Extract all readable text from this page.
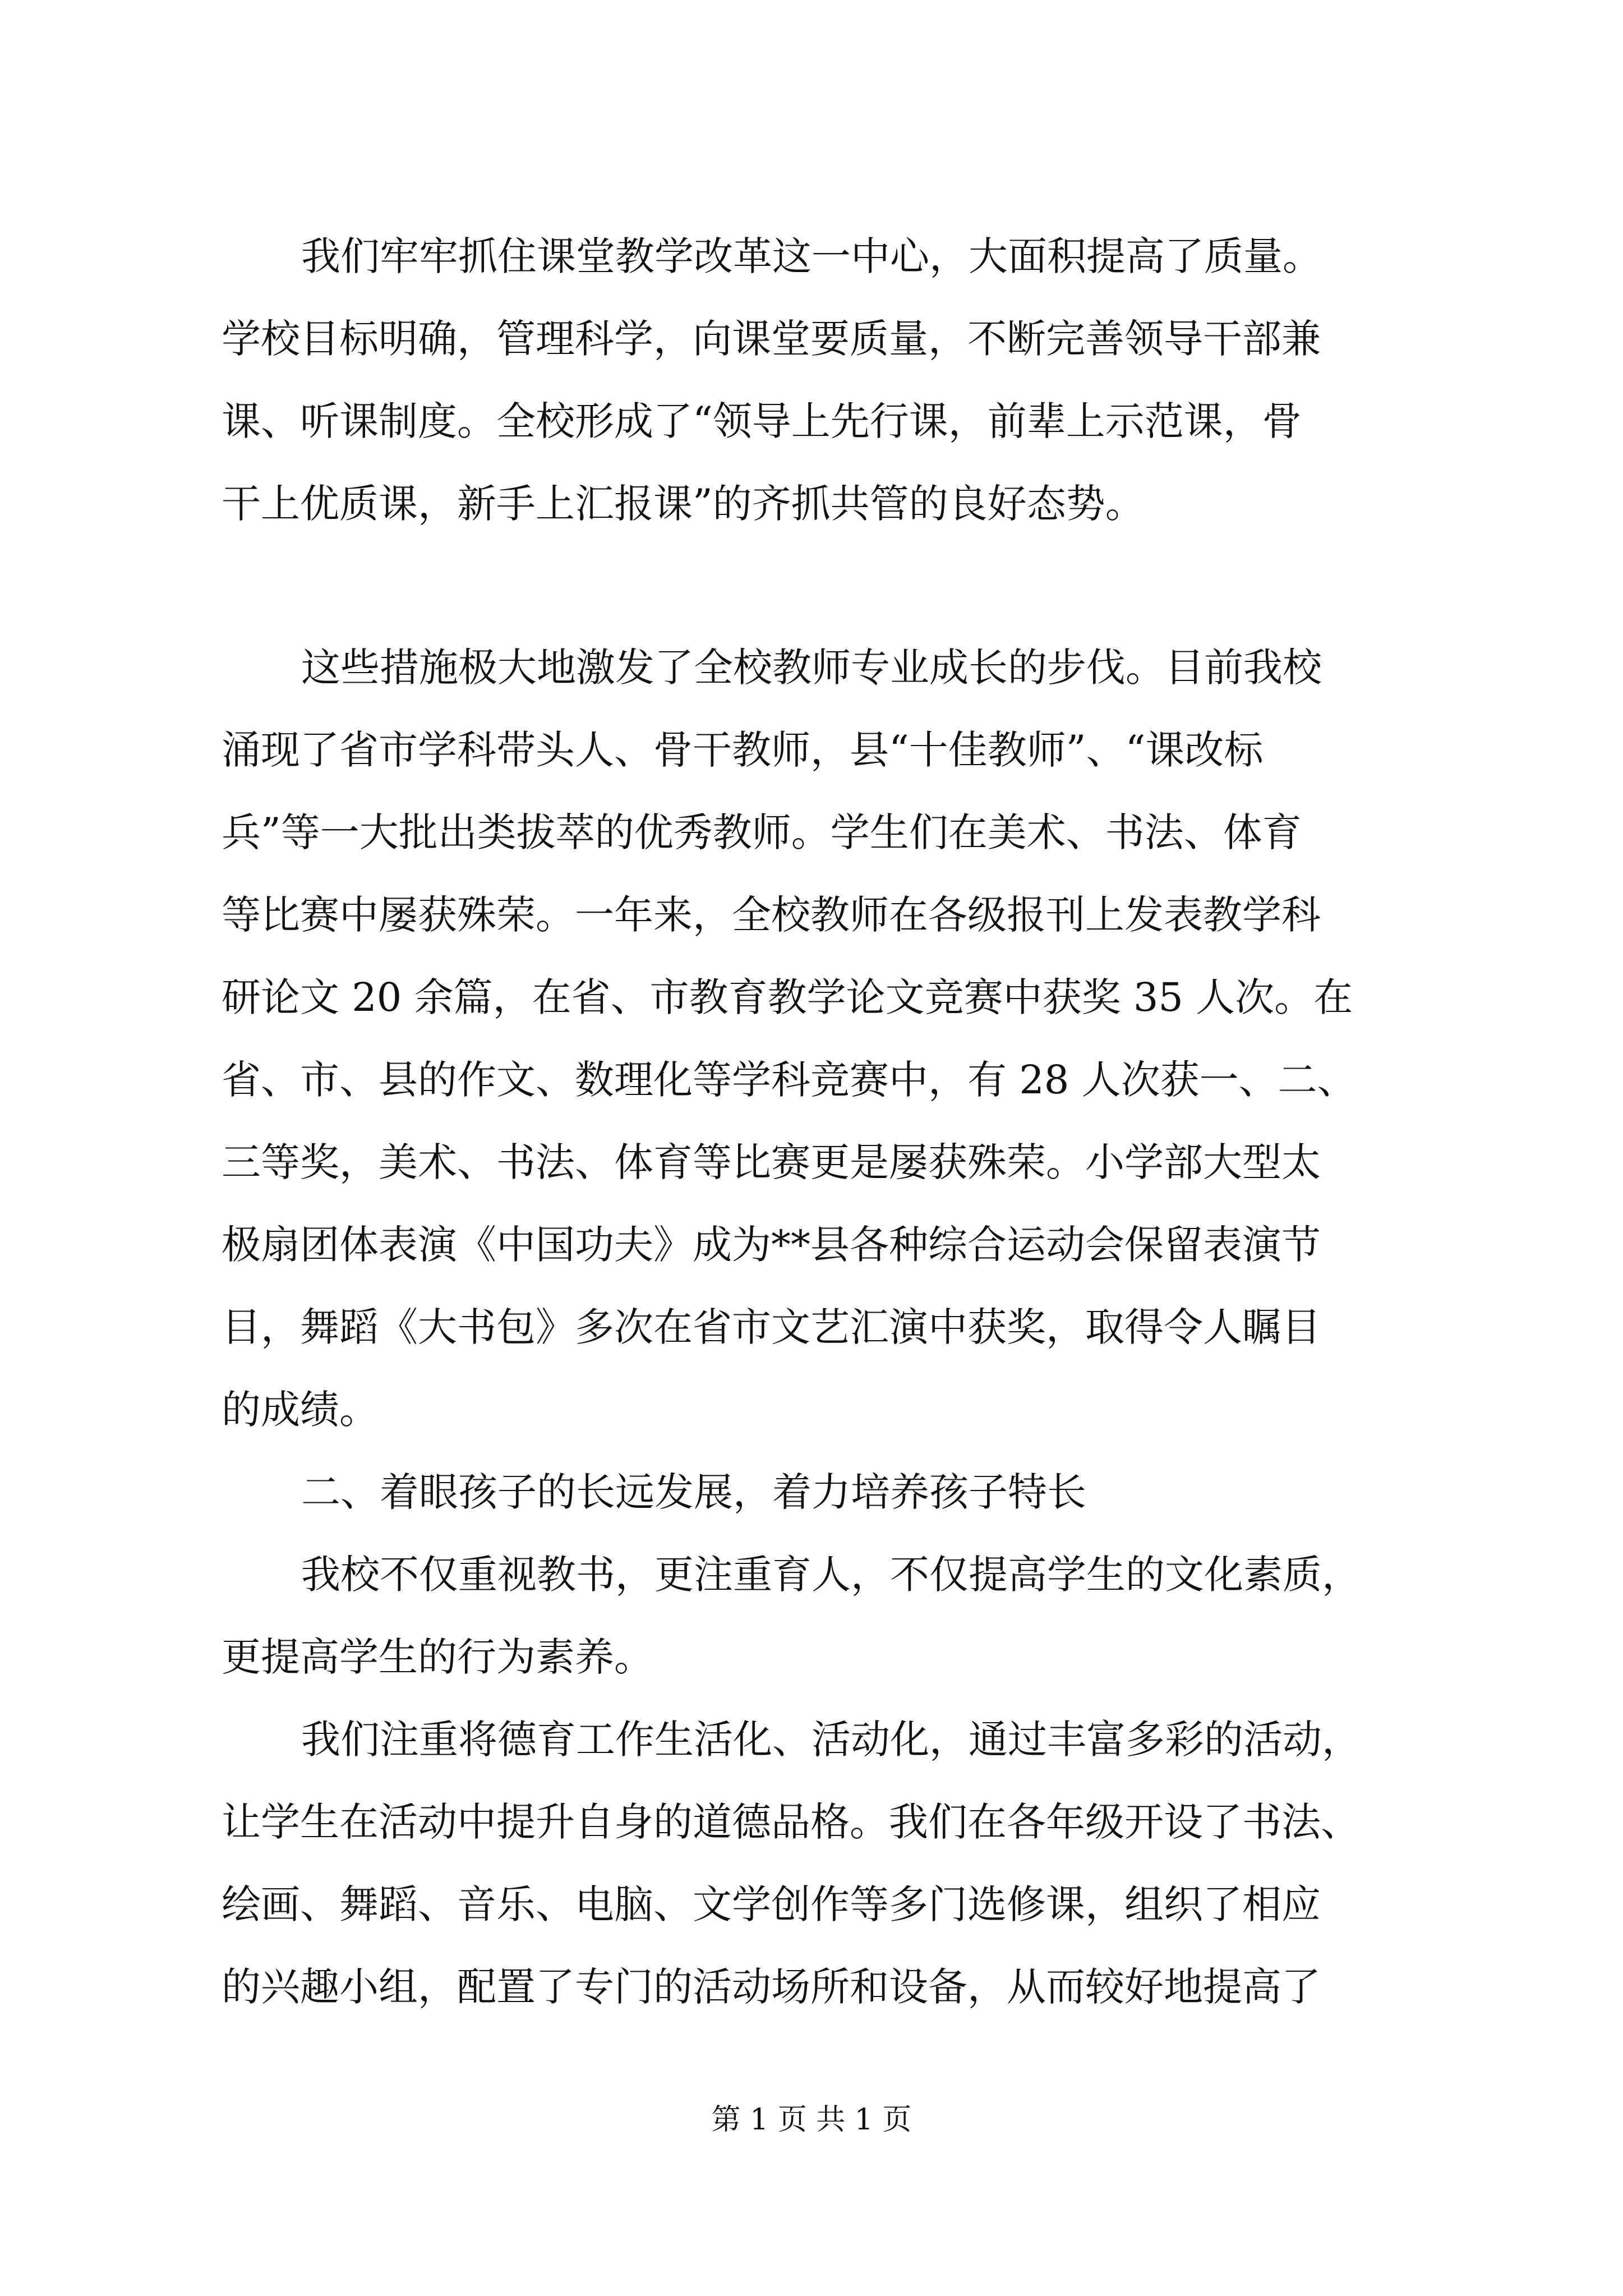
我们牢牢抓住课堂教学改革这一中心，大面积提高了质量。
学校目标明确，管理科学，向课堂要质量，不断完善领导干部兼
课、听课制度。全校形成了“领导上先行课，前辈上示范课，骨
干上优质课，新手上汇报课”的齐抓共管的良好态势。
这些措施极大地激发了全校教师专业成长的步伐。目前我校
涌现了省市学科带头人、骨干教师，县“十佳教师”、“课改标
兵”等一大批出类拔萃的优秀教师。学生们在美术、书法、体育
等比赛中屡获殊荣。一年来，全校教师在各级报刊上发表教学科
研论文 20 余篇，在省、市教育教学论文竞赛中获奖 35 人次。在
省、市、县的作文、数理化等学科竞赛中，有 28 人次获一、二、
三等奖，美术、书法、体育等比赛更是屡获殊荣。小学部大型太
极扇团体表演《中国功夫》成为**县各种综合运动会保留表演节
目，舞蹈《大书包》多次在省市文艺汇演中获奖，取得令人瞩目
的成绩。
二、着眼孩子的长远发展，着力培养孩子特长
我校不仅重视教书，更注重育人，不仅提高学生的文化素质，
更提高学生的行为素养。
我们注重将德育工作生活化、活动化，通过丰富多彩的活动，
让学生在活动中提升自身的道德品格。我们在各年级开设了书法、
绘画、舞蹈、音乐、电脑、文学创作等多门选修课，组织了相应
的兴趣小组，配置了专门的活动场所和设备，从而较好地提高了
第 1 页 共 1 页
